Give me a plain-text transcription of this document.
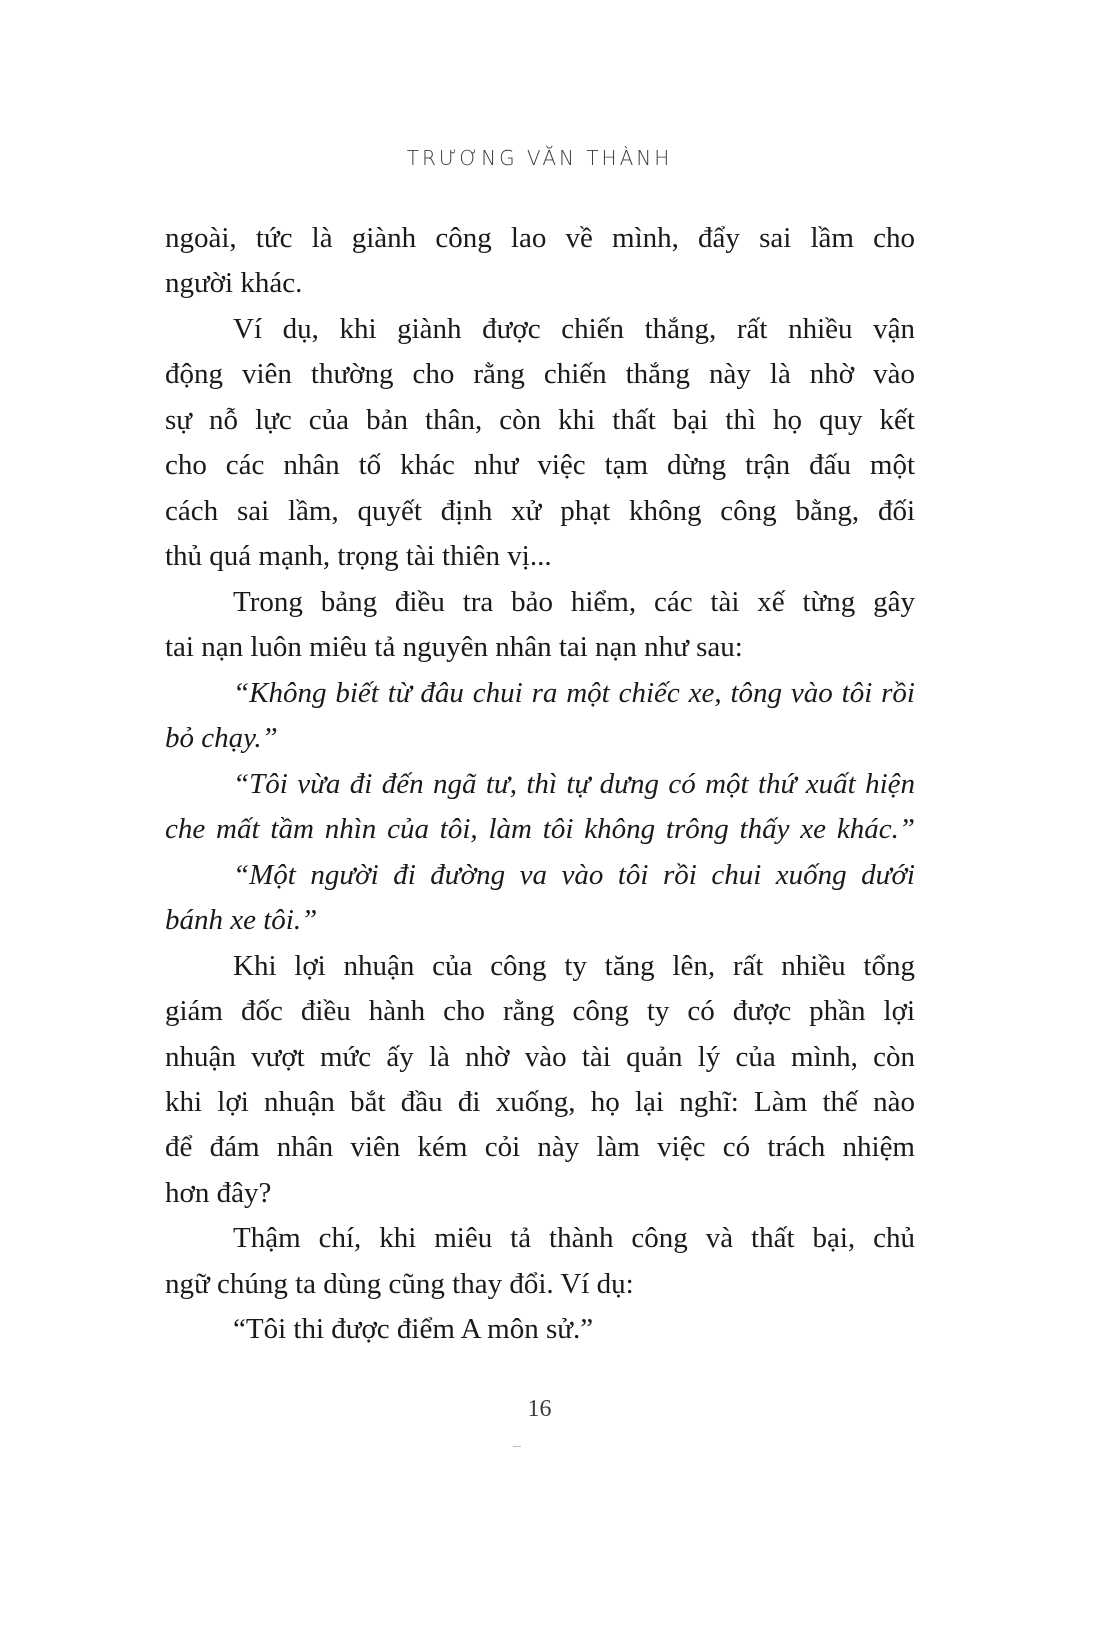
TRƯƠNG VĂN THÀNH
ngoài, tức là giành công lao về mình, đẩy sai lầm cho
người khác.
Ví dụ, khi giành được chiến thắng, rất nhiều vận
động viên thường cho rằng chiến thắng này là nhờ vào
sự nỗ lực của bản thân, còn khi thất bại thì họ quy kết
cho các nhân tố khác như việc tạm dừng trận đấu một
cách sai lầm, quyết định xử phạt không công bằng, đối
thủ quá mạnh, trọng tài thiên vị...
Trong bảng điều tra bảo hiểm, các tài xế từng gây
tai nạn luôn miêu tả nguyên nhân tai nạn như sau:
“Không biết từ đâu chui ra một chiếc xe, tông vào tôi rồi
bỏ chạy.”
“Tôi vừa đi đến ngã tư, thì tự dưng có một thứ xuất hiện
che mất tầm nhìn của tôi, làm tôi không trông thấy xe khác.”
“Một người đi đường va vào tôi rồi chui xuống dưới
bánh xe tôi.”
Khi lợi nhuận của công ty tăng lên, rất nhiều tổng
giám đốc điều hành cho rằng công ty có được phần lợi
nhuận vượt mức ấy là nhờ vào tài quản lý của mình, còn
khi lợi nhuận bắt đầu đi xuống, họ lại nghĩ: Làm thế nào
để đám nhân viên kém cỏi này làm việc có trách nhiệm
hơn đây?
Thậm chí, khi miêu tả thành công và thất bại, chủ
ngữ chúng ta dùng cũng thay đổi. Ví dụ:
“Tôi thi được điểm A môn sử.”
16
